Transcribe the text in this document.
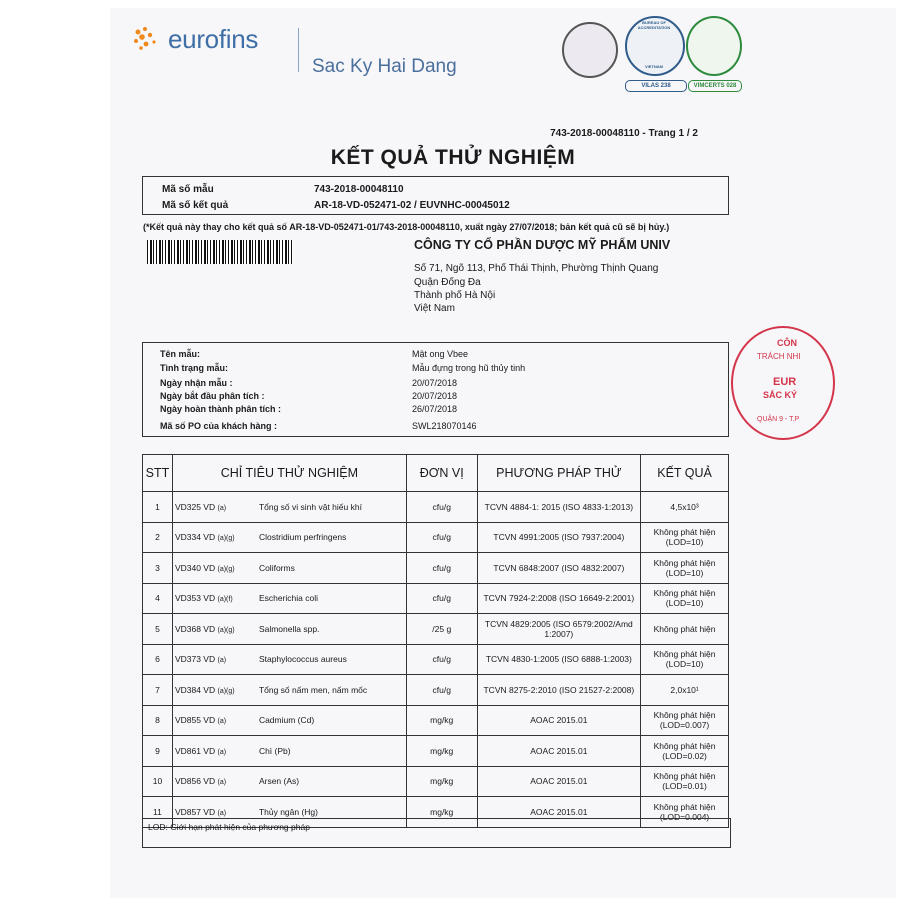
eurofins
Sac Ky Hai Dang
VILAS 238	VIMCERTS 028
BUREAU OF ACCREDITATION
VIETNAM
743-2018-00048110 - Trang 1 / 2
KẾT QUẢ THỬ NGHIỆM
Mã số mẫu	743-2018-00048110
Mã số kết quả	AR-18-VD-052471-02 / EUVNHC-00045012
(*Kết quả này thay cho kết quả số AR-18-VD-052471-01/743-2018-00048110, xuất ngày 27/07/2018; bản kết quả cũ sẽ bị hủy.)
CÔNG TY CỔ PHẦN DƯỢC MỸ PHẨM UNIV
Số 71, Ngõ 113, Phố Thái Thịnh, Phường Thịnh Quang
Quận Đống Đa
Thành phố Hà Nội
Việt Nam
Tên mẫu:	Mật ong Vbee
Tình trạng mẫu:	Mẫu đựng trong hũ thủy tinh
Ngày nhận mẫu :	20/07/2018
Ngày bắt đầu phân tích :	20/07/2018
Ngày hoàn thành phân tích :	26/07/2018
Mã số PO của khách hàng :	SWL218070146
CÔN
TRÁCH NHI
EUR
SẮC KÝ
QUẬN 9 - T.P
STT	CHỈ TIÊU THỬ NGHIỆM	ĐƠN VỊ	PHƯƠNG PHÁP THỬ	KẾT QUẢ
1	VD325 VD (a) Tổng số vi sinh vật hiếu khí	cfu/g	TCVN 4884-1: 2015 (ISO 4833-1:2013)	4,5x10³

2	VD334 VD (a)(g) Clostridium perfringens	cfu/g	TCVN 4991:2005 (ISO 7937:2004)	Không phát hiện
(LOD=10)

3	VD340 VD (a)(g) Coliforms	cfu/g	TCVN 6848:2007 (ISO 4832:2007)	Không phát hiện
(LOD=10)

4	VD353 VD (a)(f) Escherichia coli	cfu/g	TCVN 7924-2:2008 (ISO 16649-2:2001)	Không phát hiện
(LOD=10)

5	VD368 VD (a)(g) Salmonella spp.	/25 g	TCVN 4829:2005 (ISO 6579:2002/Amd 1:2007)	Không phát hiện

6	VD373 VD (a) Staphylococcus aureus	cfu/g	TCVN 4830-1:2005 (ISO 6888-1:2003)	Không phát hiện
(LOD=10)

7	VD384 VD (a)(g) Tổng số nấm men, nấm mốc	cfu/g	TCVN 8275-2:2010 (ISO 21527-2:2008)	2,0x10¹

8	VD855 VD (a) Cadmium (Cd)	mg/kg	AOAC 2015.01	Không phát hiện
(LOD=0.007)

9	VD861 VD (a) Chì (Pb)	mg/kg	AOAC 2015.01	Không phát hiện
(LOD=0.02)

10	VD856 VD (a) Arsen (As)	mg/kg	AOAC 2015.01	Không phát hiện
(LOD=0.01)

11	VD857 VD (a) Thủy ngân (Hg)	mg/kg	AOAC 2015.01	Không phát hiện
(LOD=0.004)
LOD: Giới hạn phát hiện của phương pháp
